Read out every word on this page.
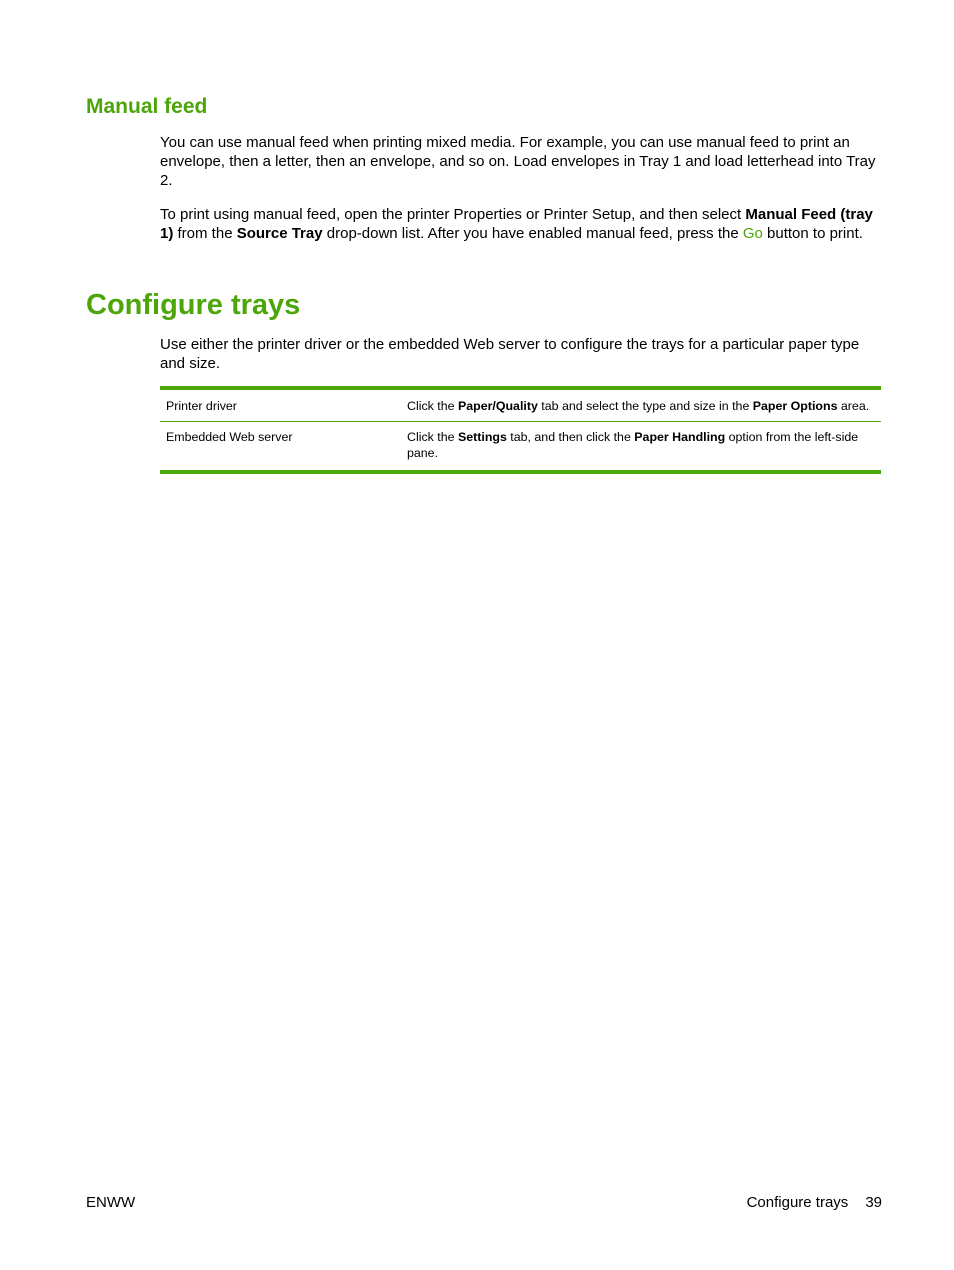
Manual feed

You can use manual feed when printing mixed media. For example, you can use manual feed to print an envelope, then a letter, then an envelope, and so on. Load envelopes in Tray 1 and load letterhead into Tray 2.

To print using manual feed, open the printer Properties or Printer Setup, and then select Manual Feed (tray 1) from the Source Tray drop-down list. After you have enabled manual feed, press the Go button to print.

Configure trays

Use either the printer driver or the embedded Web server to configure the trays for a particular paper type and size.

Printer driver	Click the Paper/Quality tab and select the type and size in the Paper Options area.
Embedded Web server	Click the Settings tab, and then click the Paper Handling option from the left-side pane.
ENWW	Configure trays 39
